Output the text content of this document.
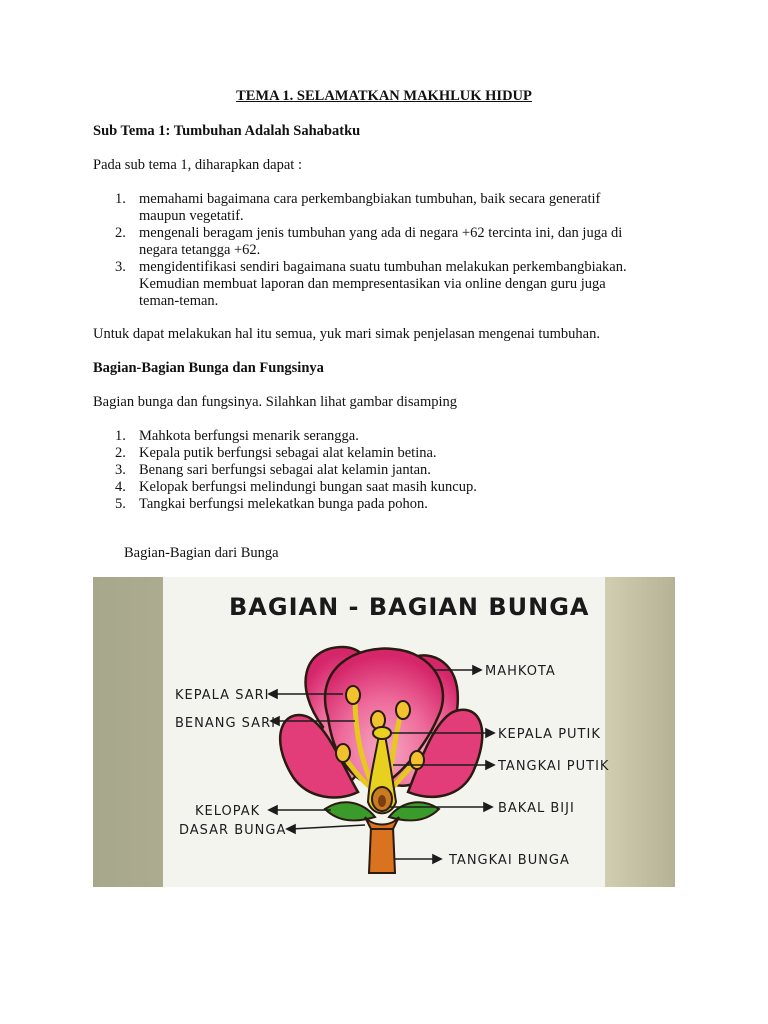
TEMA 1. SELAMATKAN MAKHLUK HIDUP

Sub Tema 1: Tumbuhan Adalah Sahabatku

Pada sub tema 1, diharapkan dapat :

1. memahami bagaimana cara perkembangbiakan tumbuhan, baik secara generatif
maupun vegetatif.
2. mengenali beragam jenis tumbuhan yang ada di negara +62 tercinta ini, dan juga di
negara tetangga +62.
3. mengidentifikasi sendiri bagaimana suatu tumbuhan melakukan perkembangbiakan.
Kemudian membuat laporan dan mempresentasikan via online dengan guru juga
teman-teman.

Untuk dapat melakukan hal itu semua, yuk mari simak penjelasan mengenai tumbuhan.

Bagian-Bagian Bunga dan Fungsinya

Bagian bunga dan fungsinya. Silahkan lihat gambar disamping

1. Mahkota berfungsi menarik serangga.
2. Kepala putik berfungsi sebagai alat kelamin betina.
3. Benang sari berfungsi sebagai alat kelamin jantan.
4. Kelopak berfungsi melindungi bungan saat masih kuncup.
5. Tangkai berfungsi melekatkan bunga pada pohon.
Bagian-Bagian dari Bunga
BAGIAN - BAGIAN BUNGA
MAHKOTA
KEPALA SARI
BENANG SARI
KEPALA PUTIK
TANGKAI PUTIK
KELOPAK	BAKAL BIJI
DASAR BUNGA
TANGKAI BUNGA
